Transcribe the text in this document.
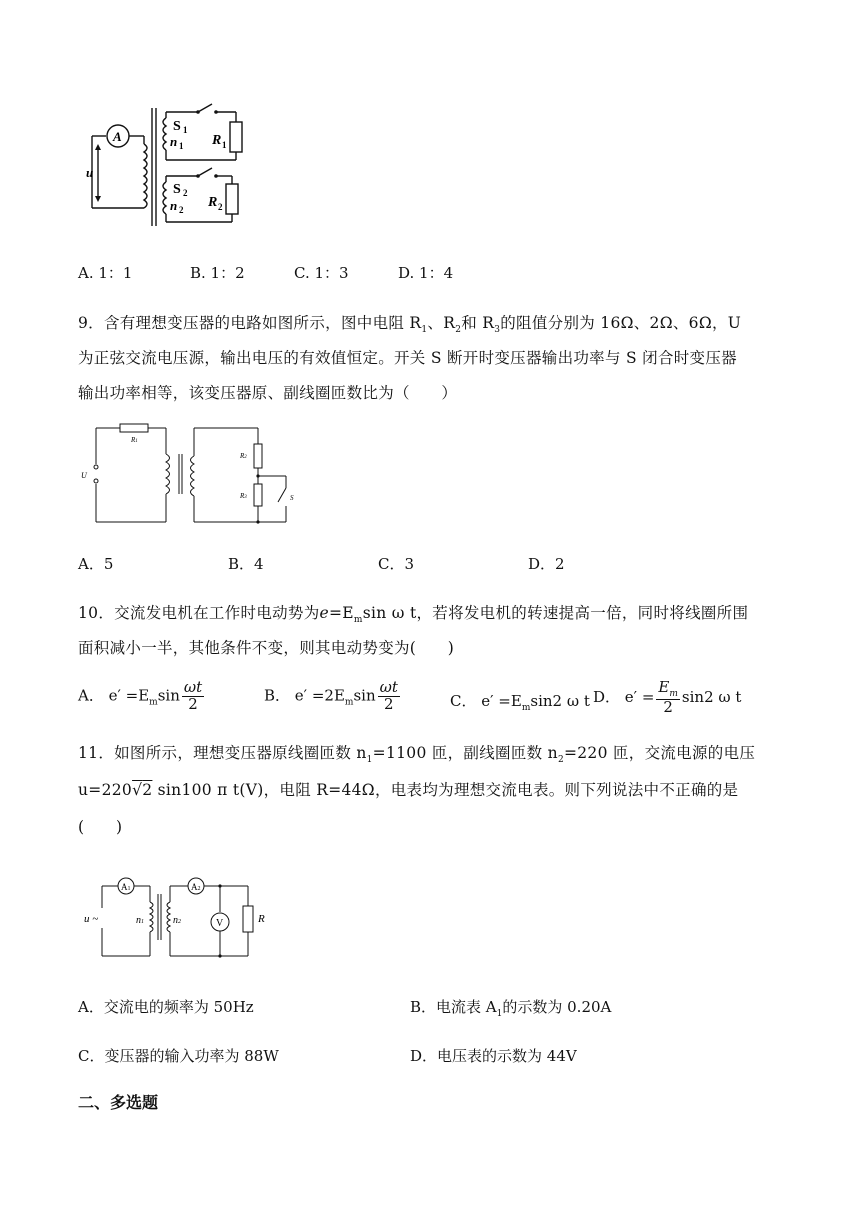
A
u
S 1
n 1 R 1
S 2
n 2 R 2
A. 1：1	B. 1：2	C. 1：3	D. 1：4
9．含有理想变压器的电路如图所示，图中电阻 $R_1$、$R_2$和 $R_3$的阻值分别为 16Ω、2Ω、6Ω，U
为正弦交流电压源，输出电压的有效值恒定。开关 S 断开时变压器输出功率与 S 闭合时变压器
输出功率相等，该变压器原、副线圈匝数比为（　　）
R1
R2
R3
U
S
A．5	B．4	C．3	D．2
10．交流发电机在工作时电动势为$e=E_m\sin$ ω t，若将发电机的转速提高一倍，同时将线圈所围
面积减小一半，其他条件不变，则其电动势变为(　　)
A． $e' =E_m\sin \frac{\omega t}{2}$	B． $e' =2E_m\sin \frac{\omega t}{2}$	C． $e' =E_m\sin 2$ ω t D． $e' = \frac{E_m}{2} \sin 2$ ω t
11．如图所示，理想变压器原线圈匝数 $n_1=1100$ 匝，副线圈匝数 $n_2=220$ 匝，交流电源的电压
u=220√2 sin100 π t(V)，电阻 R=44Ω，电表均为理想交流电表。则下列说法中不正确的是
(　　)
A1	A2
V	R
u ~	n1	n2
A．交流电的频率为 50Hz	B．电流表 $A_1$的示数为 0.20A
C．变压器的输入功率为 88W	D．电压表的示数为 44V
二、多选题
